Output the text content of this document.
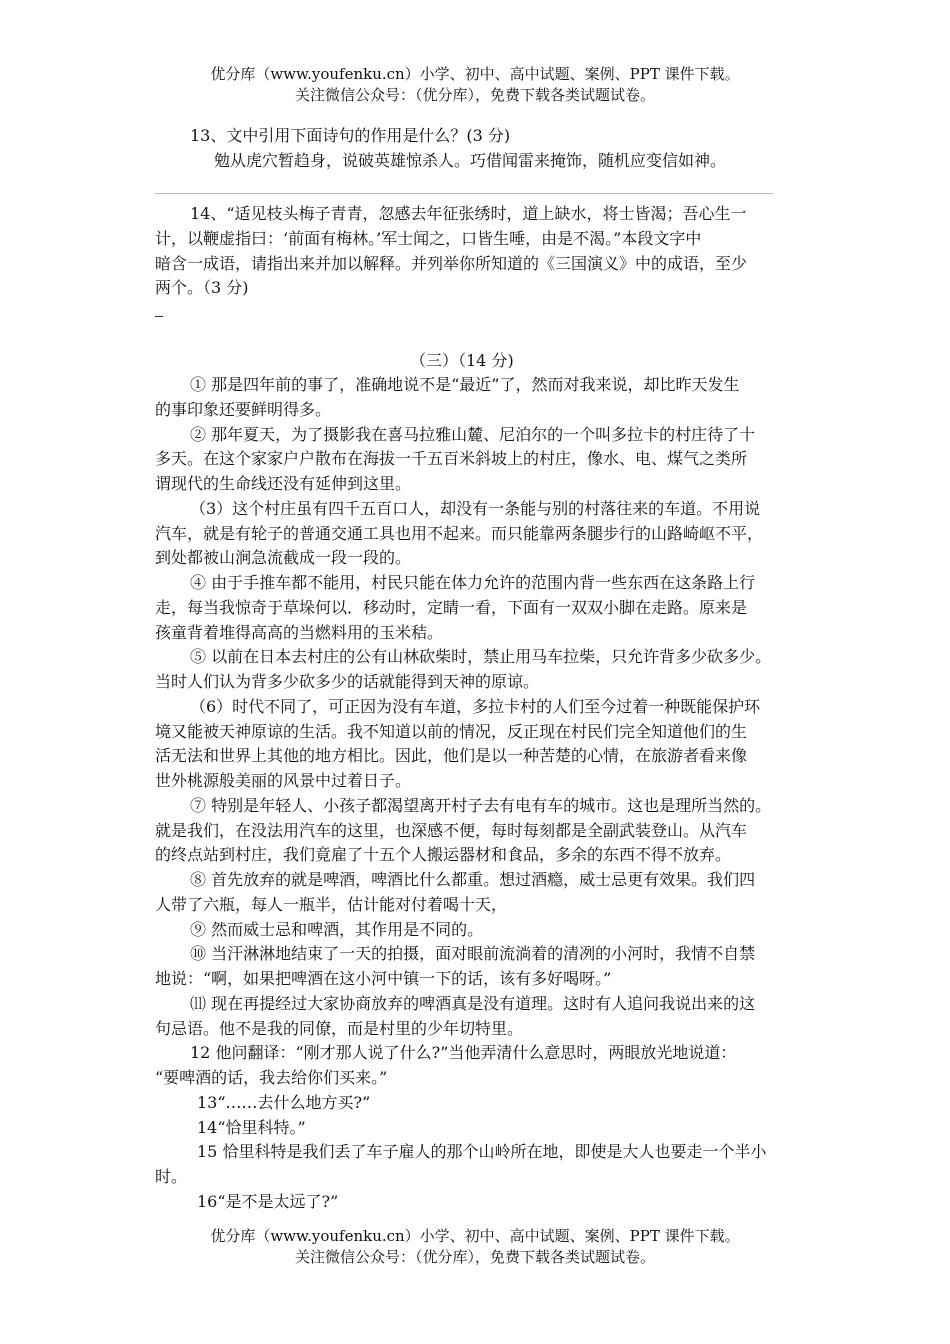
优分库（www.youfenku.cn）小学、初中、高中试题、案例、PPT 课件下载。
关注微信公众号：（优分库），免费下载各类试题试卷。
13、文中引用下面诗句的作用是什么？(3 分)
勉从虎穴暂趋身，说破英雄惊杀人。巧借闻雷来掩饰，随机应变信如神。
14、“适见枝头梅子青青，忽感去年征张绣时，道上缺水，将士皆渴；吾心生一
计，以鞭虚指曰：‘前面有梅林。’军士闻之，口皆生唾，由是不渴。”本段文字中
暗含一成语，请指出来并加以解释。并列举你所知道的《三国演义》中的成语，至少
两个。（3 分)
（三）（14 分)
① 那是四年前的事了，准确地说不是“最近”了，然而对我来说，却比昨天发生
的事印象还要鲜明得多。
② 那年夏天，为了摄影我在喜马拉雅山麓、尼泊尔的一个叫多拉卡的村庄待了十
多天。在这个家家户户散布在海拔一千五百米斜坡上的村庄，像水、电、煤气之类所
谓现代的生命线还没有延伸到这里。
（3）这个村庄虽有四千五百口人，却没有一条能与别的村落往来的车道。不用说
汽车，就是有轮子的普通交通工具也用不起来。而只能靠两条腿步行的山路崎岖不平，
到处都被山涧急流截成一段一段的。
④ 由于手推车都不能用，村民只能在体力允许的范围内背一些东西在这条路上行
走，每当我惊奇于草垛何以．移动时，定睛一看，下面有一双双小脚在走路。原来是
孩童背着堆得高高的当燃料用的玉米秸。
⑤ 以前在日本去村庄的公有山林砍柴时，禁止用马车拉柴，只允许背多少砍多少。
当时人们认为背多少砍多少的话就能得到天神的原谅。
（6）时代不同了，可正因为没有车道，多拉卡村的人们至今过着一种既能保护环
境又能被天神原谅的生活。我不知道以前的情况，反正现在村民们完全知道他们的生
活无法和世界上其他的地方相比。因此，他们是以一种苦楚的心情，在旅游者看来像
世外桃源般美丽的风景中过着日子。
⑦ 特别是年轻人、小孩子都渴望离开村子去有电有车的城市。这也是理所当然的。
就是我们，在没法用汽车的这里，也深感不便，每时每刻都是全副武装登山。从汽车
的终点站到村庄，我们竟雇了十五个人搬运器材和食品，多余的东西不得不放弃。
⑧ 首先放弃的就是啤酒，啤酒比什么都重。想过酒瘾，威士忌更有效果。我们四
人带了六瓶，每人一瓶半，估计能对付着喝十天，
⑨ 然而威士忌和啤酒，其作用是不同的。
⑩ 当汗淋淋地结束了一天的拍摄，面对眼前流淌着的清冽的小河时，我情不自禁
地说：“啊，如果把啤酒在这小河中镇一下的话，该有多好喝呀。”
⑾ 现在再提经过大家协商放弃的啤酒真是没有道理。这时有人追问我说出来的这
句忌语。他不是我的同僚，而是村里的少年切特里。
12 他问翻译：“刚才那人说了什么?”当他弄清什么意思时，两眼放光地说道：
“要啤酒的话，我去给你们买来。”
13“……去什么地方买?”
14“恰里科特。”
15 恰里科特是我们丢了车子雇人的那个山岭所在地，即使是大人也要走一个半小
时。
16“是不是太远了?”
优分库（www.youfenku.cn）小学、初中、高中试题、案例、PPT 课件下载。
关注微信公众号：（优分库），免费下载各类试题试卷。
